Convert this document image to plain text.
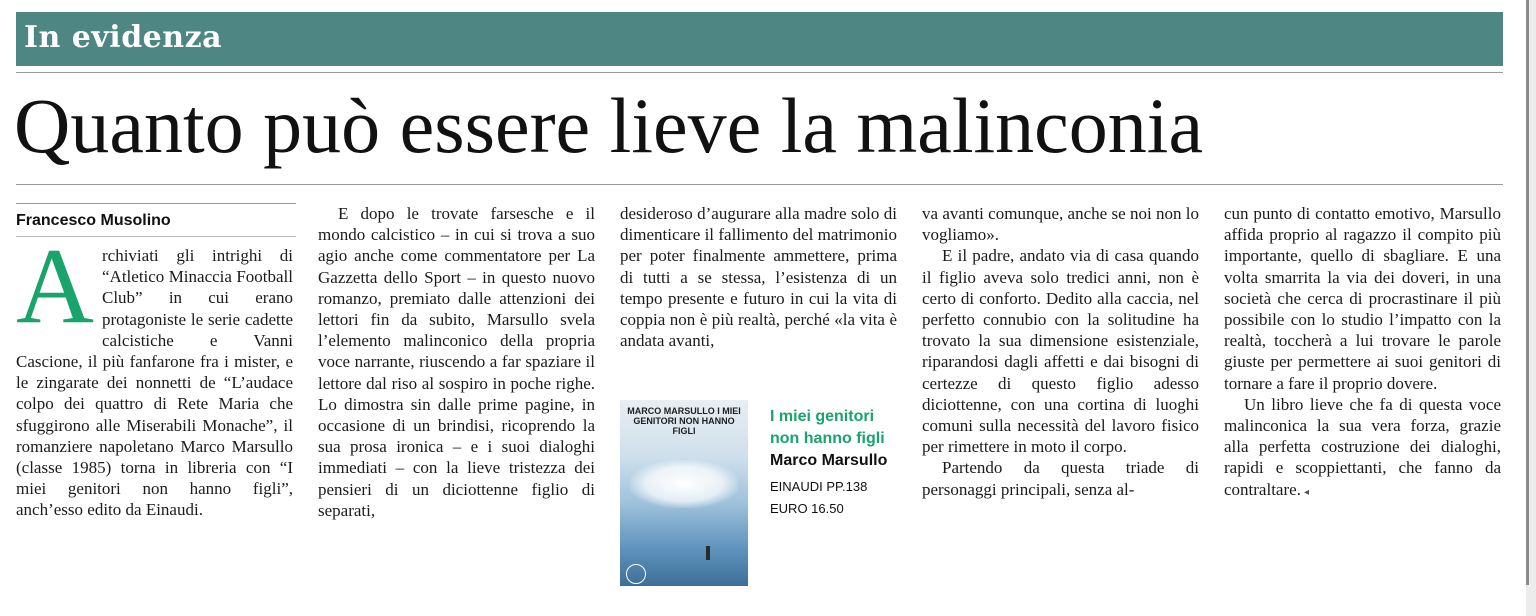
In evidenza
Quanto può essere lieve la malinconia
Francesco Musolino

Archiviati gli intrighi di “Atletico Minaccia Football Club” in cui erano protagoniste le serie cadette calcistiche e Vanni Cascione, il più fanfarone fra i mister, e le zingarate dei nonnetti de “L’audace colpo dei quattro di Rete Maria che sfuggirono alle Miserabili Monache”, il romanziere napoletano Marco Marsullo (classe 1985) torna in libreria con “I miei genitori non hanno figli”, anch’esso edito da Einaudi.

E dopo le trovate farsesche e il mondo calcistico – in cui si trova a suo agio anche come commentatore per La Gazzetta dello Sport – in questo nuovo romanzo, premiato dalle attenzioni dei lettori fin da subito, Marsullo svela l’elemento malinconico della propria voce narrante, riuscendo a far spaziare il lettore dal riso al sospiro in poche righe. Lo dimostra sin dalle prime pagine, in occasione di un brindisi, ricoprendo la sua prosa ironica – e i suoi dialoghi immediati – con la lieve tristezza dei pensieri di un diciottenne figlio di separati,

desideroso d’augurare alla madre solo di dimenticare il fallimento del matrimonio per poter finalmente ammettere, prima di tutti a se stessa, l’esistenza di un tempo presente e futuro in cui la vita di coppia non è più realtà, perché «la vita è andata avanti,

MARCO MARSULLO I MIEI GENITORI NON HANNO FIGLI
I miei genitori non hanno figli
Marco Marsullo
EINAUDI PP.138
EURO 16.50

va avanti comunque, anche se noi non lo vogliamo».

E il padre, andato via di casa quando il figlio aveva solo tredici anni, non è certo di conforto. Dedito alla caccia, nel perfetto connubio con la solitudine ha trovato la sua dimensione esistenziale, riparandosi dagli affetti e dai bisogni di certezze di questo figlio adesso diciottenne, con una cortina di luoghi comuni sulla necessità del lavoro fisico per rimettere in moto il corpo.

Partendo da questa triade di personaggi principali, senza al-

cun punto di contatto emotivo, Marsullo affida proprio al ragazzo il compito più importante, quello di sbagliare. E una volta smarrita la via dei doveri, in una società che cerca di procrastinare il più possibile con lo studio l’impatto con la realtà, toccherà a lui trovare le parole giuste per permettere ai suoi genitori di tornare a fare il proprio dovere.

Un libro lieve che fa di questa voce malinconica la sua vera forza, grazie alla perfetta costruzione dei dialoghi, rapidi e scoppiettanti, che fanno da contraltare. ◂
